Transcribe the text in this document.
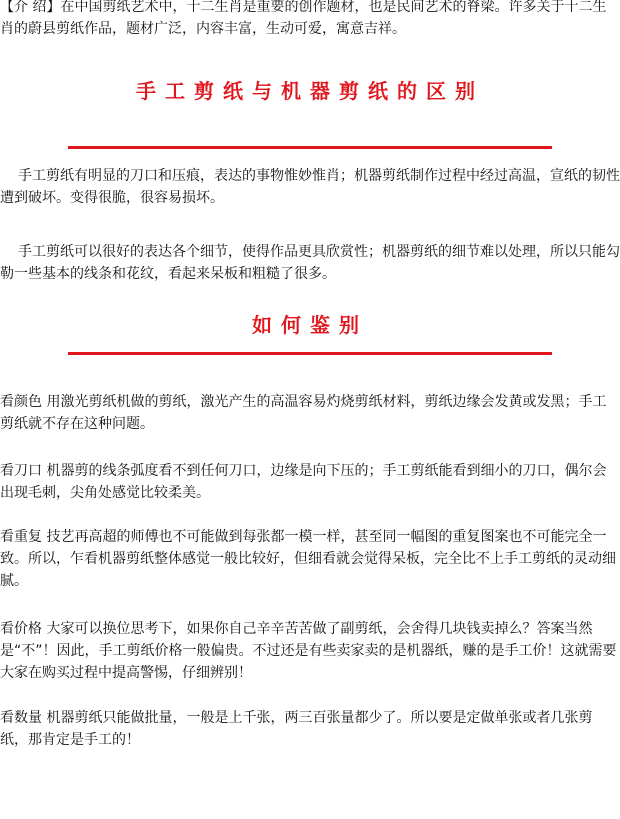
【介 绍】在中国剪纸艺术中，十二生肖是重要的创作题材，也是民间艺术的脊梁。许多关于十二生肖的蔚县剪纸作品，题材广泛，内容丰富，生动可爱，寓意吉祥。

手工剪纸与机器剪纸的区别

手工剪纸有明显的刀口和压痕，表达的事物惟妙惟肖；机器剪纸制作过程中经过高温，宣纸的韧性遭到破坏。变得很脆，很容易损坏。

手工剪纸可以很好的表达各个细节，使得作品更具欣赏性；机器剪纸的细节难以处理，所以只能勾勒一些基本的线条和花纹，看起来呆板和粗糙了很多。

如何鉴别

看颜色 用激光剪纸机做的剪纸，激光产生的高温容易灼烧剪纸材料，剪纸边缘会发黄或发黑；手工剪纸就不存在这种问题。

看刀口 机器剪的线条弧度看不到任何刀口，边缘是向下压的；手工剪纸能看到细小的刀口，偶尔会出现毛刺，尖角处感觉比较柔美。

看重复 技艺再高超的师傅也不可能做到每张都一模一样，甚至同一幅图的重复图案也不可能完全一致。所以，乍看机器剪纸整体感觉一般比较好，但细看就会觉得呆板，完全比不上手工剪纸的灵动细腻。

看价格 大家可以换位思考下，如果你自己辛辛苦苦做了副剪纸，会舍得几块钱卖掉么？答案当然是“不”！因此，手工剪纸价格一般偏贵。不过还是有些卖家卖的是机器纸，赚的是手工价！这就需要大家在购买过程中提高警惕，仔细辨别！

看数量 机器剪纸只能做批量，一般是上千张，两三百张量都少了。所以要是定做单张或者几张剪纸，那肯定是手工的！
